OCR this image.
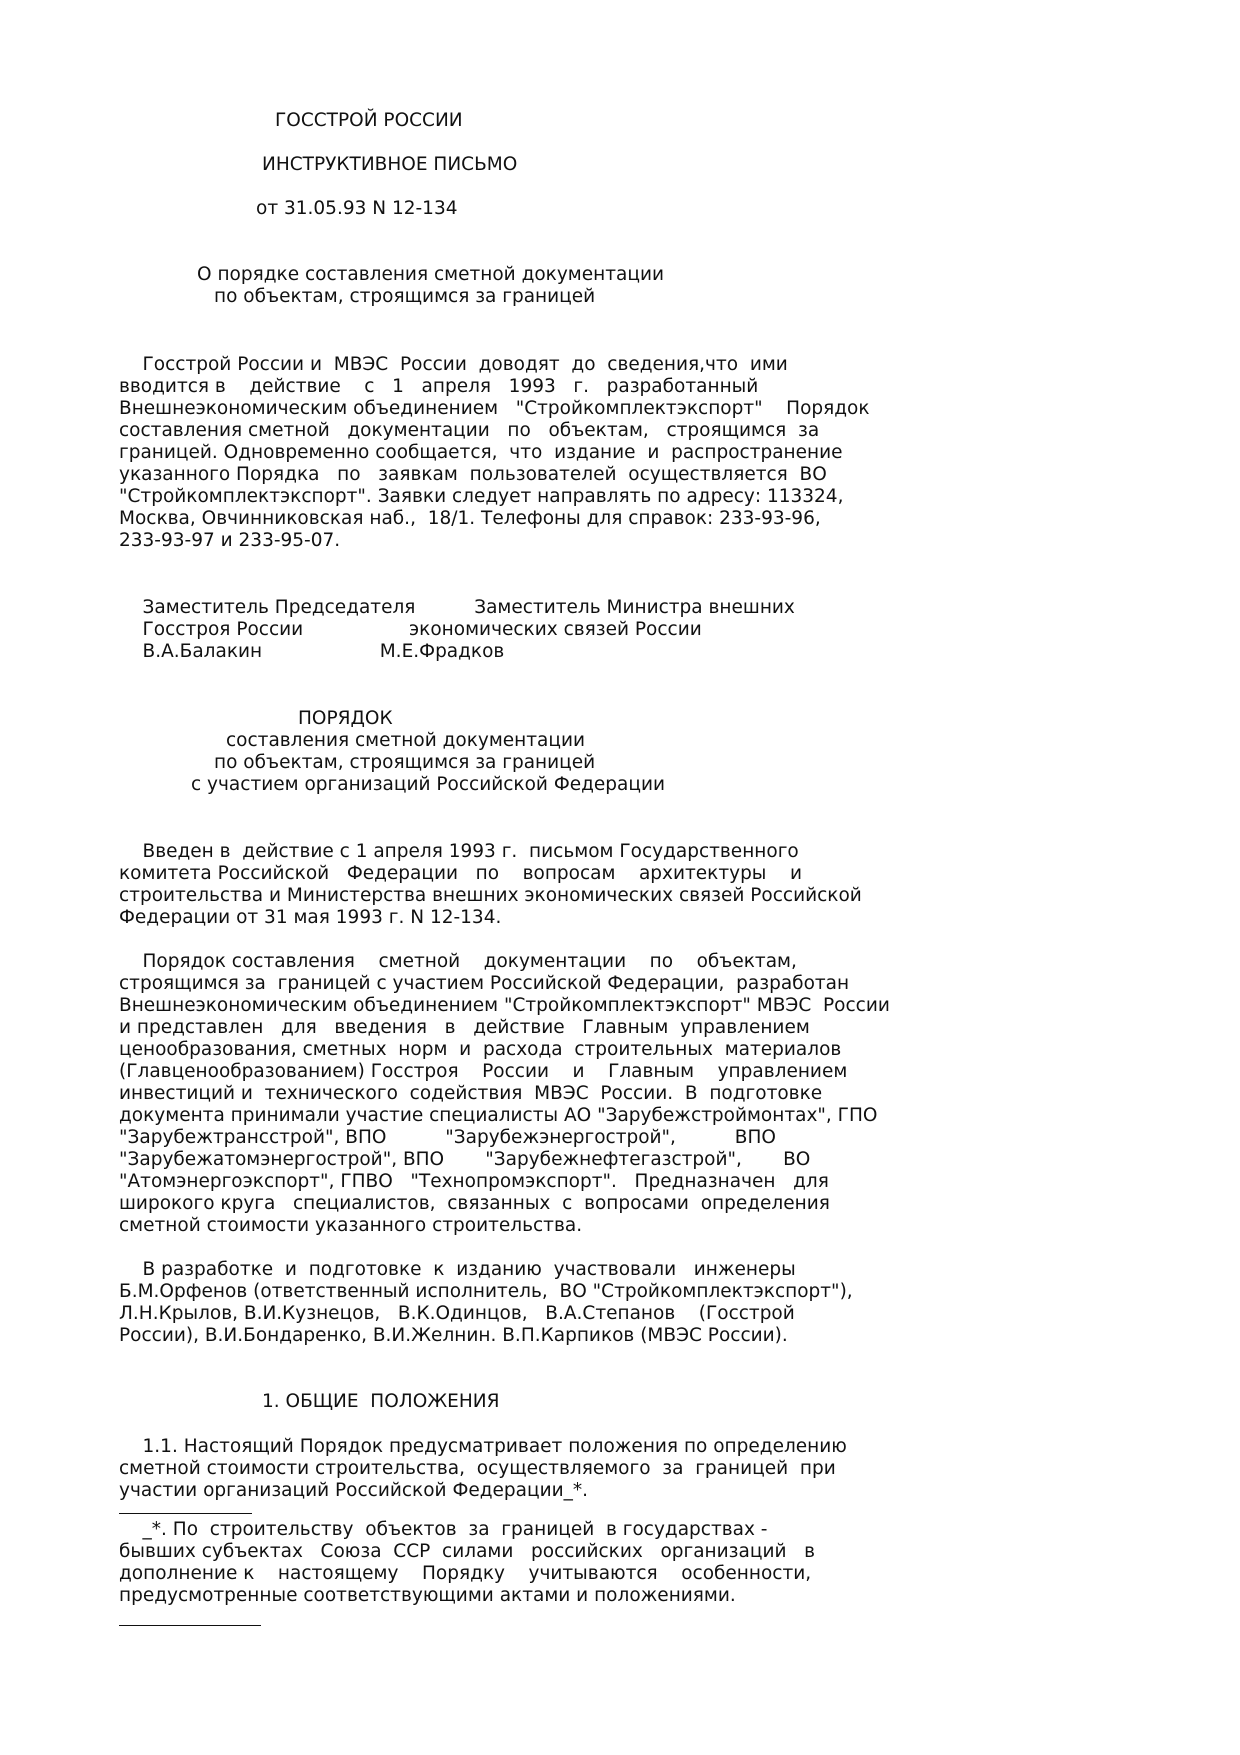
ГОССТРОЙ РОССИИ
ИНСТРУКТИВНОЕ ПИСЬМО
от 31.05.93 N 12-134
О порядке составления сметной документации
по объектам, строящимся за границей
Госстрой России и  МВЭС  России  доводят  до  сведения,что  ими
вводится в    действие    с   1   апреля   1993   г.   разработанный
Внешнеэкономическим объединением   "Стройкомплектэкспорт"    Порядок
составления сметной   документации   по   объектам,   строящимся  за
границей. Одновременно сообщается,  что  издание  и  распространение
указанного Порядка   по   заявкам  пользователей  осуществляется  ВО
"Стройкомплектэкспорт". Заявки следует направлять по адресу: 113324,
Москва, Овчинниковская наб.,  18/1. Телефоны для справок: 233-93-96,
233-93-97 и 233-95-07.
Заместитель Председателя          Заместитель Министра внешних
Госстроя России                  экономических связей России
В.А.Балакин                    М.Е.Фрадков
ПОРЯДОК
составления сметной документации
по объектам, строящимся за границей
с участием организаций Российской Федерации
Введен в  действие с 1 апреля 1993 г.  письмом Государственного
комитета Российской   Федерации   по    вопросам    архитектуры    и
строительства и Министерства внешних экономических связей Российской
Федерации от 31 мая 1993 г. N 12-134.
Порядок составления    сметной    документации    по    объектам,
строящимся за  границей с участием Российской Федерации,  разработан
Внешнеэкономическим объединением "Стройкомплектэкспорт" МВЭС  России
и представлен   для   введения   в   действие   Главным  управлением
ценообразования, сметных  норм  и  расхода  строительных  материалов
(Главценообразованием) Госстроя    России    и    Главным    управлением
инвестиций и  технического  содействия  МВЭС  России.  В  подготовке
документа принимали участие специалисты АО "Зарубежстроймонтах", ГПО
"Зарубежтрансстрой", ВПО          "Зарубежэнергострой",          ВПО
"Зарубежатомэнергострой", ВПО       "Зарубежнефтегазстрой",       ВО
"Атомэнергоэкспорт", ГПВО   "Технопромэкспорт".   Предназначен   для
широкого круга   специалистов,  связанных  с  вопросами  определения
сметной стоимости указанного строительства.
В разработке  и  подготовке  к  изданию  участвовали   инженеры
Б.М.Орфенов (ответственный исполнитель,  ВО "Стройкомплектэкспорт"),
Л.Н.Крылов, В.И.Кузнецов,   В.К.Одинцов,   В.А.Степанов    (Госстрой
России), В.И.Бондаренко, В.И.Желнин. В.П.Карпиков (МВЭС России).
1. ОБЩИЕ  ПОЛОЖЕНИЯ
1.1. Настоящий Порядок предусматривает положения по определению
сметной стоимости строительства,  осуществляемого  за  границей  при
участии организаций Российской Федерации_*.
_*. По  строительству  объектов  за  границей  в государствах -
бывших субъектах   Союза  ССР  силами   российских   организаций   в
дополнение к    настоящему    Порядку    учитываются    особенности,
предусмотренные соответствующими актами и положениями.
